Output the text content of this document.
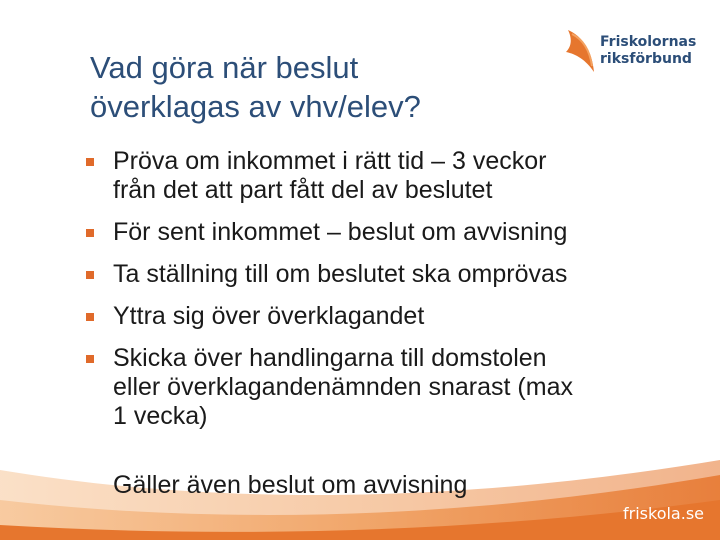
Vad göra när beslut
överklagas av vhv/elev?
Friskolornas
riksförbund
Pröva om inkommet i rätt tid – 3 veckor
från det att part fått del av beslutet
För sent inkommet – beslut om avvisning
Ta ställning till om beslutet ska omprövas
Yttra sig över överklagandet
Skicka över handlingarna till domstolen
eller överklagandenämnden snarast (max
1 vecka)
Gäller även beslut om avvisning
friskola.se
